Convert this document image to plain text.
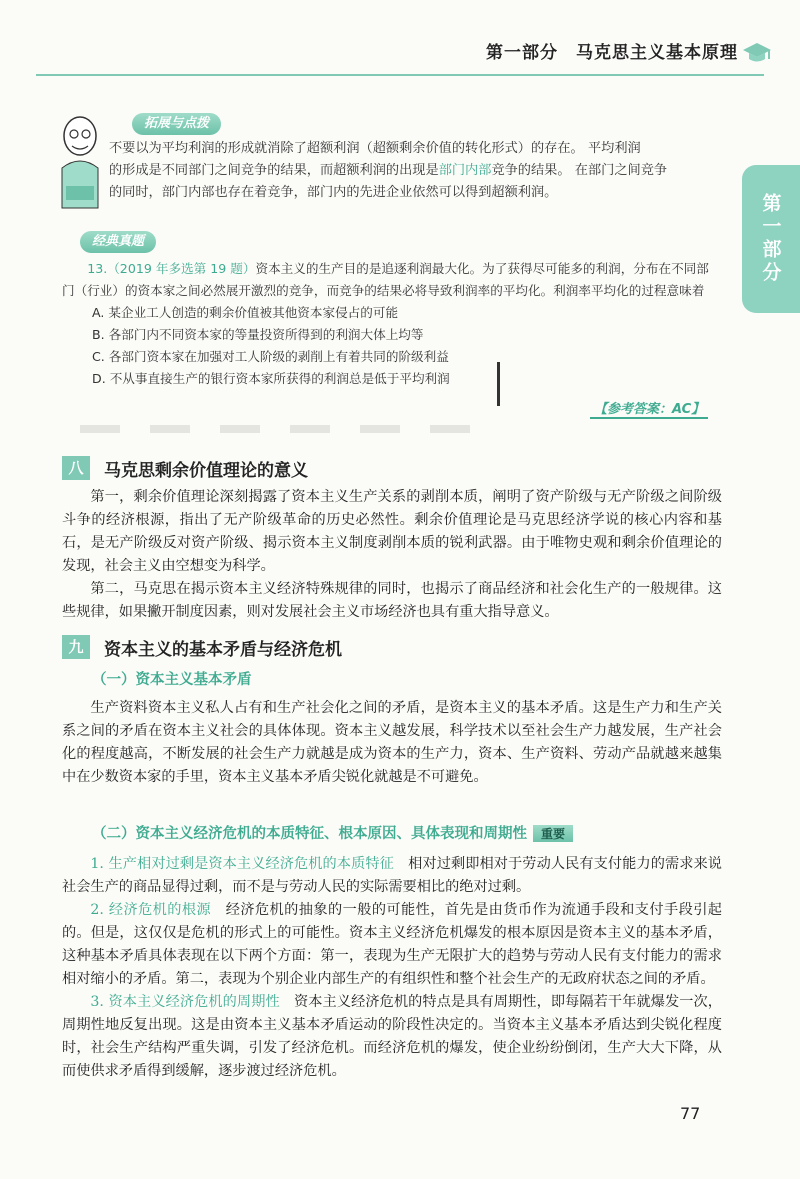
第一部分 马克思主义基本原理
第一部分
拓展与点拨
不要以为平均利润的形成就消除了超额利润（超额剩余价值的转化形式）的存在。 平均利润
的形成是不同部门之间竞争的结果，而超额利润的出现是部门内部竞争的结果。 在部门之间竞争
的同时，部门内部也存在着竞争，部门内的先进企业依然可以得到超额利润。
经典真题
13.（2019 年多选第 19 题）资本主义的生产目的是追逐利润最大化。为了获得尽可能多的利润，分布在不同部门（行业）的资本家之间必然展开激烈的竞争，而竞争的结果必将导致利润率的平均化。利润率平均化的过程意味着
A. 某企业工人创造的剩余价值被其他资本家侵占的可能
B. 各部门内不同资本家的等量投资所得到的利润大体上均等
C. 各部门资本家在加强对工人阶级的剥削上有着共同的阶级利益
D. 不从事直接生产的银行资本家所获得的利润总是低于平均利润
【参考答案：AC】
八	马克思剩余价值理论的意义

第一，剩余价值理论深刻揭露了资本主义生产关系的剥削本质，阐明了资产阶级与无产阶级之间阶级斗争的经济根源，指出了无产阶级革命的历史必然性。剩余价值理论是马克思经济学说的核心内容和基石，是无产阶级反对资产阶级、揭示资本主义制度剥削本质的锐利武器。由于唯物史观和剩余价值理论的发现，社会主义由空想变为科学。

第二，马克思在揭示资本主义经济特殊规律的同时，也揭示了商品经济和社会化生产的一般规律。这些规律，如果撇开制度因素，则对发展社会主义市场经济也具有重大指导意义。

九	资本主义的基本矛盾与经济危机
（一）资本主义基本矛盾

生产资料资本主义私人占有和生产社会化之间的矛盾，是资本主义的基本矛盾。这是生产力和生产关系之间的矛盾在资本主义社会的具体体现。资本主义越发展，科学技术以至社会生产力越发展，生产社会化的程度越高，不断发展的社会生产力就越是成为资本的生产力，资本、生产资料、劳动产品就越来越集中在少数资本家的手里，资本主义基本矛盾尖锐化就越是不可避免。

（二）资本主义经济危机的本质特征、根本原因、具体表现和周期性 重要

1. 生产相对过剩是资本主义经济危机的本质特征　相对过剩即相对于劳动人民有支付能力的需求来说社会生产的商品显得过剩，而不是与劳动人民的实际需要相比的绝对过剩。

2. 经济危机的根源　经济危机的抽象的一般的可能性，首先是由货币作为流通手段和支付手段引起的。但是，这仅仅是危机的形式上的可能性。资本主义经济危机爆发的根本原因是资本主义的基本矛盾，这种基本矛盾具体表现在以下两个方面：第一，表现为生产无限扩大的趋势与劳动人民有支付能力的需求相对缩小的矛盾。第二，表现为个别企业内部生产的有组织性和整个社会生产的无政府状态之间的矛盾。

3. 资本主义经济危机的周期性　资本主义经济危机的特点是具有周期性，即每隔若干年就爆发一次，周期性地反复出现。这是由资本主义基本矛盾运动的阶段性决定的。当资本主义基本矛盾达到尖锐化程度时，社会生产结构严重失调，引发了经济危机。而经济危机的爆发，使企业纷纷倒闭，生产大大下降，从而使供求矛盾得到缓解，逐步渡过经济危机。

77
